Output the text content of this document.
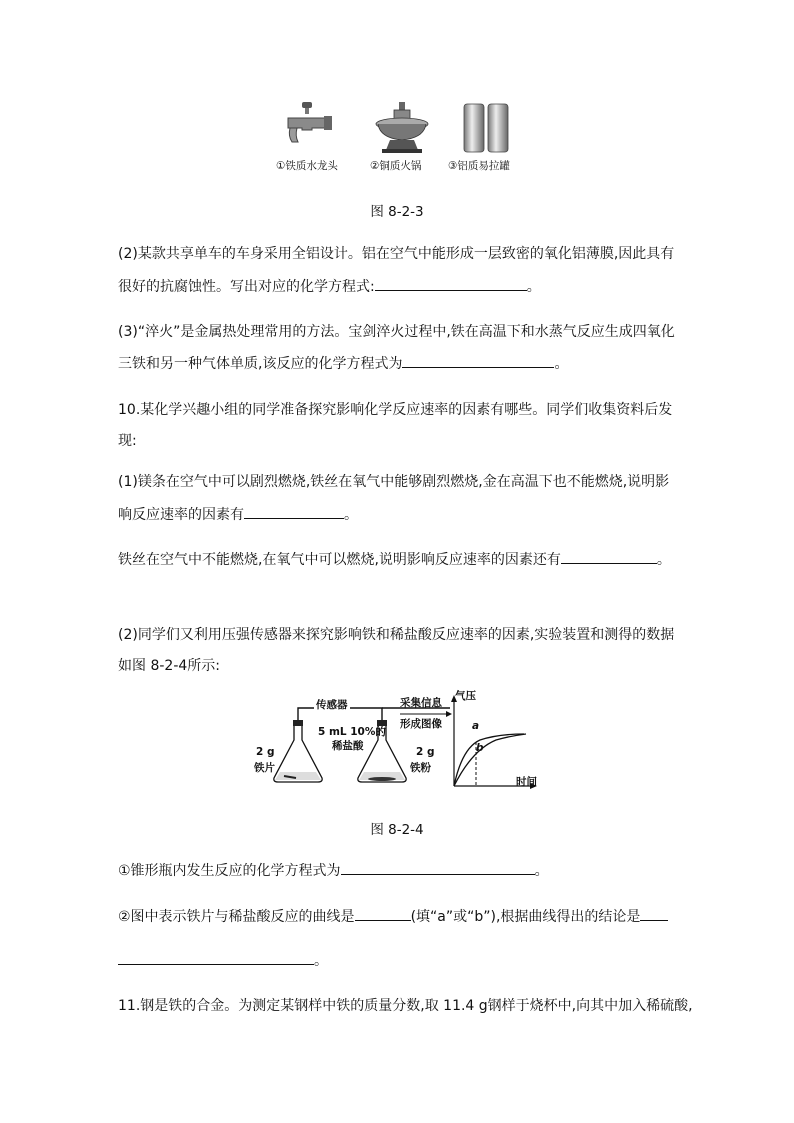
①铁质水龙头	②铜质火锅	③铝质易拉罐
图 8-2-3
(2)某款共享单车的车身采用全铝设计。铝在空气中能形成一层致密的氧化铝薄膜,因此具有
很好的抗腐蚀性。写出对应的化学方程式:	。
(3)“淬火”是金属热处理常用的方法。宝剑淬火过程中,铁在高温下和水蒸气反应生成四氧化
三铁和另一种气体单质,该反应的化学方程式为	。
10.某化学兴趣小组的同学准备探究影响化学反应速率的因素有哪些。同学们收集资料后发
现:
(1)镁条在空气中可以剧烈燃烧,铁丝在氧气中能够剧烈燃烧,金在高温下也不能燃烧,说明影
响反应速率的因素有	。
铁丝在空气中不能燃烧,在氧气中可以燃烧,说明影响反应速率的因素还有	。
(2)同学们又利用压强传感器来探究影响铁和稀盐酸反应速率的因素,实验装置和测得的数据
如图 8-2-4所示:
传感器
5 mL 10%的
稀盐酸
2 g
铁片
2 g
铁粉
采集信息
形成图像
气压
时间
a
b
图 8-2-4
①锥形瓶内发生反应的化学方程式为	。
②图中表示铁片与稀盐酸反应的曲线是	(填“a”或“b”),根据曲线得出的结论是
。
11.钢是铁的合金。为测定某钢样中铁的质量分数,取 11.4 g钢样于烧杯中,向其中加入稀硫酸,
